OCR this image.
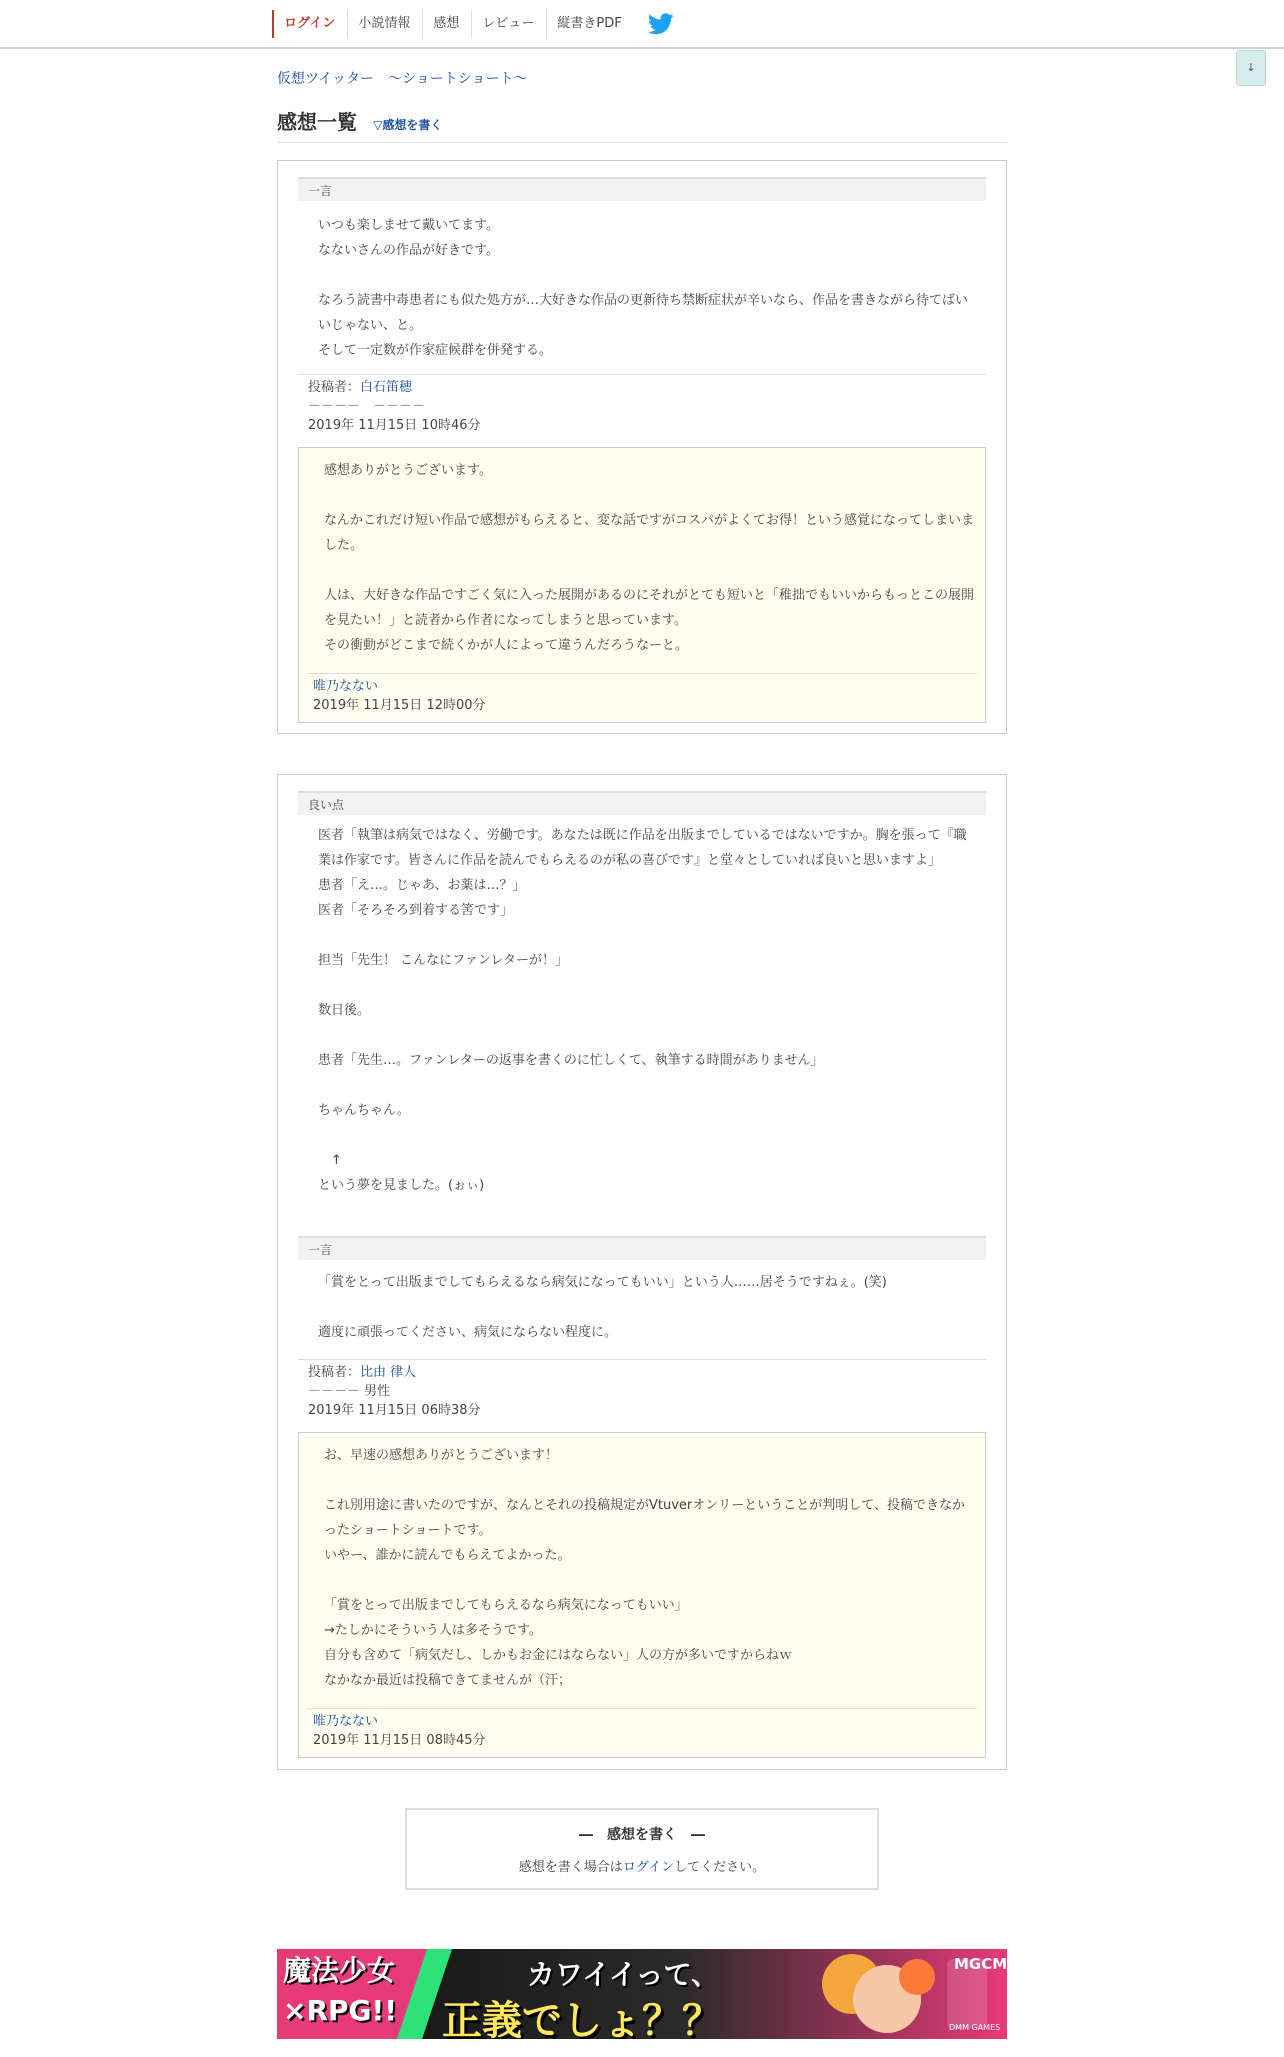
ログイン	小説情報	感想	レビュー	縦書きPDF
↓
仮想ツイッター　～ショートショート～
感想一覧 ▽感想を書く
一言
いつも楽しませて戴いてます。
なないさんの作品が好きです。

なろう読書中毒患者にも似た処方が…大好きな作品の更新待ち禁断症状が辛いなら、作品を書きながら待てばいいじゃない、と。
そして一定数が作家症候群を併発する。
投稿者：白石笛穂
－－－－　－－－－
2019年 11月15日 10時46分
感想ありがとうございます。

なんかこれだけ短い作品で感想がもらえると、変な話ですがコスパがよくてお得！という感覚になってしまいました。

人は、大好きな作品ですごく気に入った展開があるのにそれがとても短いと「稚拙でもいいからもっとこの展開を見たい！」と読者から作者になってしまうと思っています。
その衝動がどこまで続くかが人によって違うんだろうなーと。
唯乃なない
2019年 11月15日 12時00分
良い点
医者「執筆は病気ではなく、労働です。あなたは既に作品を出版までしているではないですか。胸を張って『職業は作家です。皆さんに作品を読んでもらえるのが私の喜びです』と堂々としていれば良いと思いますよ」
患者「え…。じゃあ、お薬は…？」
医者「そろそろ到着する筈です」

担当「先生！ こんなにファンレターが！」

数日後。

患者「先生…。ファンレターの返事を書くのに忙しくて、執筆する時間がありません」

ちゃんちゃん。

　↑
という夢を見ました。(ぉぃ)
一言
「賞をとって出版までしてもらえるなら病気になってもいい」という人……居そうですねぇ。(笑)

適度に頑張ってください、病気にならない程度に。
投稿者：比由 律人
－－－－ 男性
2019年 11月15日 06時38分
お、早速の感想ありがとうございます！

これ別用途に書いたのですが、なんとそれの投稿規定がVtuverオンリーということが判明して、投稿できなかったショートショートです。
いやー、誰かに読んでもらえてよかった。

「賞をとって出版までしてもらえるなら病気になってもいい」
→たしかにそういう人は多そうです。
自分も含めて「病気だし、しかもお金にはならない」人の方が多いですからねｗ
なかなか最近は投稿できてませんが（汗；
唯乃なない
2019年 11月15日 08時45分
―　感想を書く　―
感想を書く場合はログインしてください。
魔法少女
×RPG!!
カワイイって、
正義でしょ？？
MGCM
DMM GAMES
